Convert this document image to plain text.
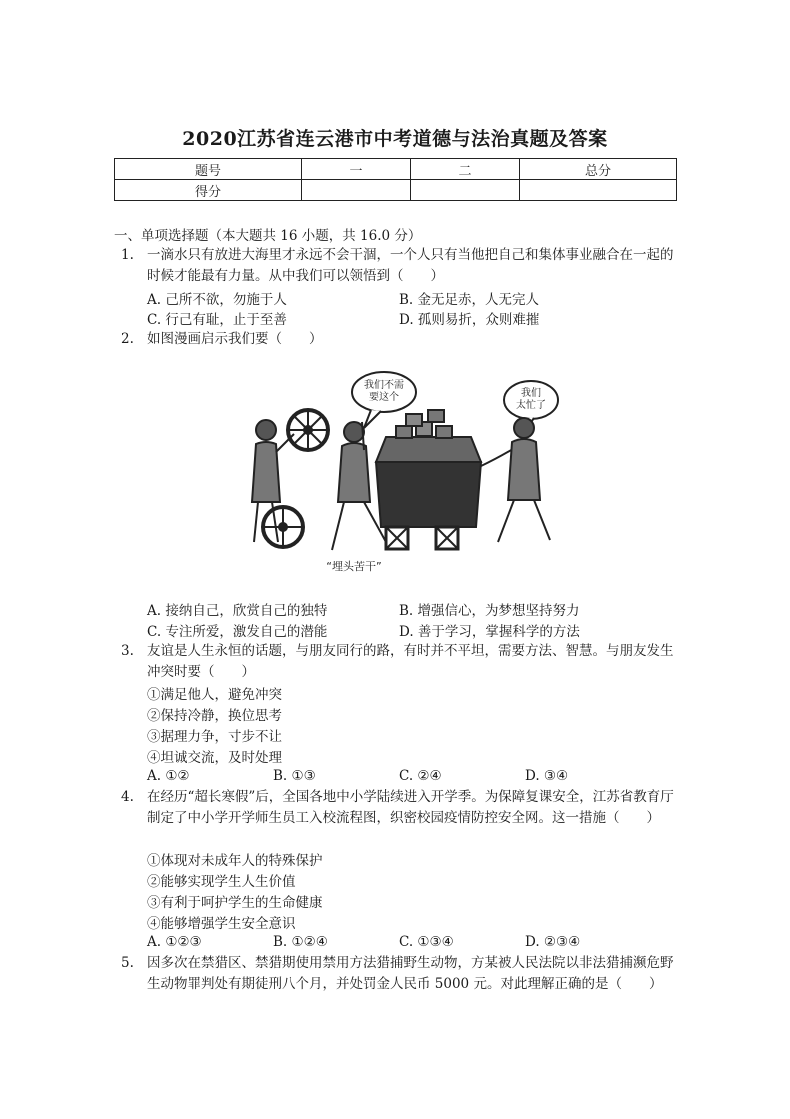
2020江苏省连云港市中考道德与法治真题及答案
题号	一	二	总分
得分			
一、单项选择题（本大题共 16 小题，共 16.0 分）
1. 一滴水只有放进大海里才永远不会干涸，一个人只有当他把自己和集体事业融合在一起的时候才能最有力量。从中我们可以领悟到（　　）
A. 己所不欲，勿施于人	B. 金无足赤，人无完人
C. 行己有耻，止于至善	D. 孤则易折，众则难摧
2. 如图漫画启示我们要（　　）
我们不需要这个	我们太忙了
“埋头苦干”
A. 接纳自己，欣赏自己的独特	B. 增强信心，为梦想坚持努力
C. 专注所爱，激发自己的潜能	D. 善于学习，掌握科学的方法
3. 友谊是人生永恒的话题，与朋友同行的路，有时并不平坦，需要方法、智慧。与朋友发生冲突时要（　　）
①满足他人，避免冲突
②保持冷静，换位思考
③据理力争，寸步不让
④坦诚交流，及时处理
A. ①②	B. ①③	C. ②④	D. ③④
4. 在经历“超长寒假”后，全国各地中小学陆续进入开学季。为保障复课安全，江苏省教育厅制定了中小学开学师生员工入校流程图，织密校园疫情防控安全网。这一措施（　　）
①体现对未成年人的特殊保护
②能够实现学生人生价值
③有利于呵护学生的生命健康
④能够增强学生安全意识
A. ①②③	B. ①②④	C. ①③④	D. ②③④
5. 因多次在禁猎区、禁猎期使用禁用方法猎捕野生动物，方某被人民法院以非法猎捕濒危野生动物罪判处有期徒刑八个月，并处罚金人民币 5000 元。对此理解正确的是（　　）
